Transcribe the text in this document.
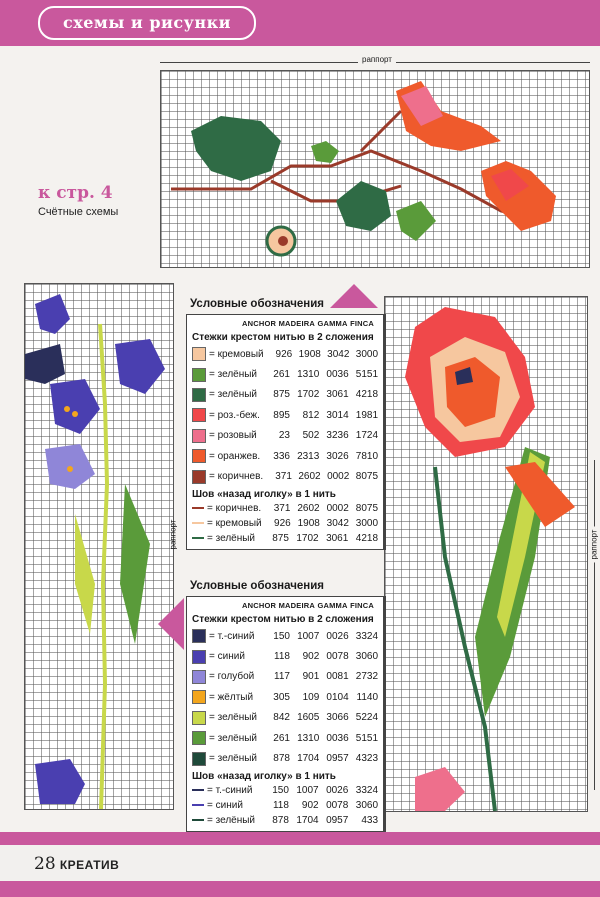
схемы и рисунки
раппорт
к стр. 4
Счётные схемы
раппорт	раппорт
Условные обозначения
ANCHOR MADEIRA GAMMA FINCA
Стежки крестом нитью в 2 сложения
= кремовый	926 1908 3042 3000
= зелёный	261 1310 0036 5151
= зелёный	875 1702 3061 4218
= роз.-беж.	895	812 3014 1981
= розовый	23	502 3236 1724
= оранжев.	336 2313 3026 7810
= коричнев.	371 2602 0002 8075
Шов «назад иголку» в 1 нить
= коричнев.	371 2602 0002 8075
= кремовый	926 1908 3042 3000
= зелёный	875 1702 3061 4218
Условные обозначения
ANCHOR MADEIRA GAMMA FINCA
Стежки крестом нитью в 2 сложения
= т.-синий	150 1007 0026 3324
= синий	118	902 0078 3060
= голубой	117	901 0081 2732
= жёлтый	305	109 0104 1140
= зелёный	842 1605 3066 5224
= зелёный	261 1310 0036 5151
= зелёный	878 1704 0957 4323
Шов «назад иголку» в 1 нить
= т.-синий	150 1007 0026 3324
= синий	118	902 0078 3060
= зелёный	878 1704 0957	433
28 КРЕАТИВ
